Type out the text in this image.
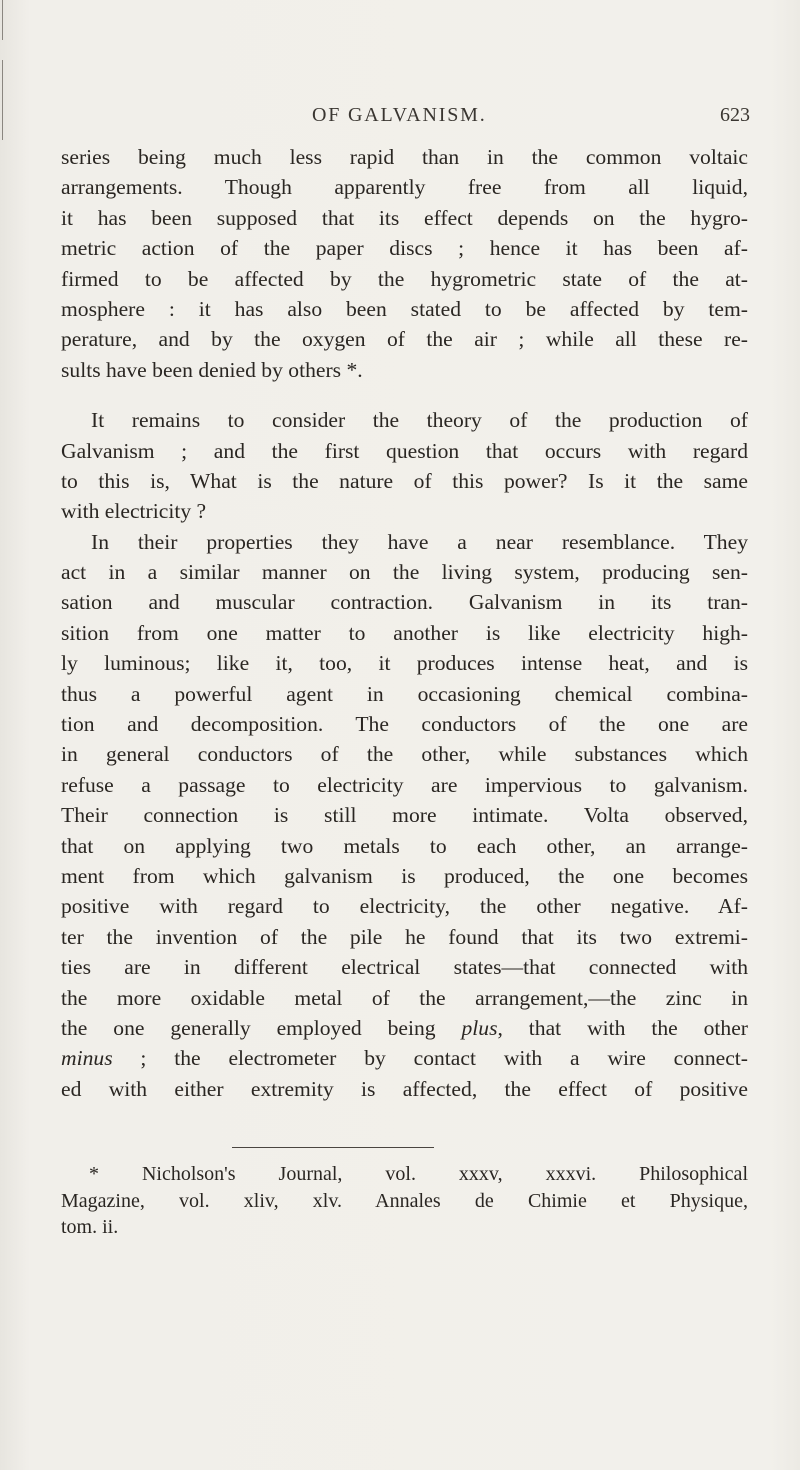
OF GALVANISM.	623
series being much less rapid than in the common voltaic
arrangements. Though apparently free from all liquid,
it has been supposed that its effect depends on the hygro-
metric action of the paper discs ; hence it has been af-
firmed to be affected by the hygrometric state of the at-
mosphere : it has also been stated to be affected by tem-
perature, and by the oxygen of the air ; while all these re-
sults have been denied by others *.
It remains to consider the theory of the production of
Galvanism ; and the first question that occurs with regard
to this is, What is the nature of this power? Is it the same
with electricity ?
In their properties they have a near resemblance. They
act in a similar manner on the living system, producing sen-
sation and muscular contraction. Galvanism in its tran-
sition from one matter to another is like electricity high-
ly luminous; like it, too, it produces intense heat, and is
thus a powerful agent in occasioning chemical combina-
tion and decomposition. The conductors of the one are
in general conductors of the other, while substances which
refuse a passage to electricity are impervious to galvanism.
Their connection is still more intimate. Volta observed,
that on applying two metals to each other, an arrange-
ment from which galvanism is produced, the one becomes
positive with regard to electricity, the other negative. Af-
ter the invention of the pile he found that its two extremi-
ties are in different electrical states—that connected with
the more oxidable metal of the arrangement,—the zinc in
the one generally employed being plus, that with the other
minus ; the electrometer by contact with a wire connect-
ed with either extremity is affected, the effect of positive
* Nicholson's Journal, vol. xxxv, xxxvi. Philosophical
Magazine, vol. xliv, xlv. Annales de Chimie et Physique,
tom. ii.
